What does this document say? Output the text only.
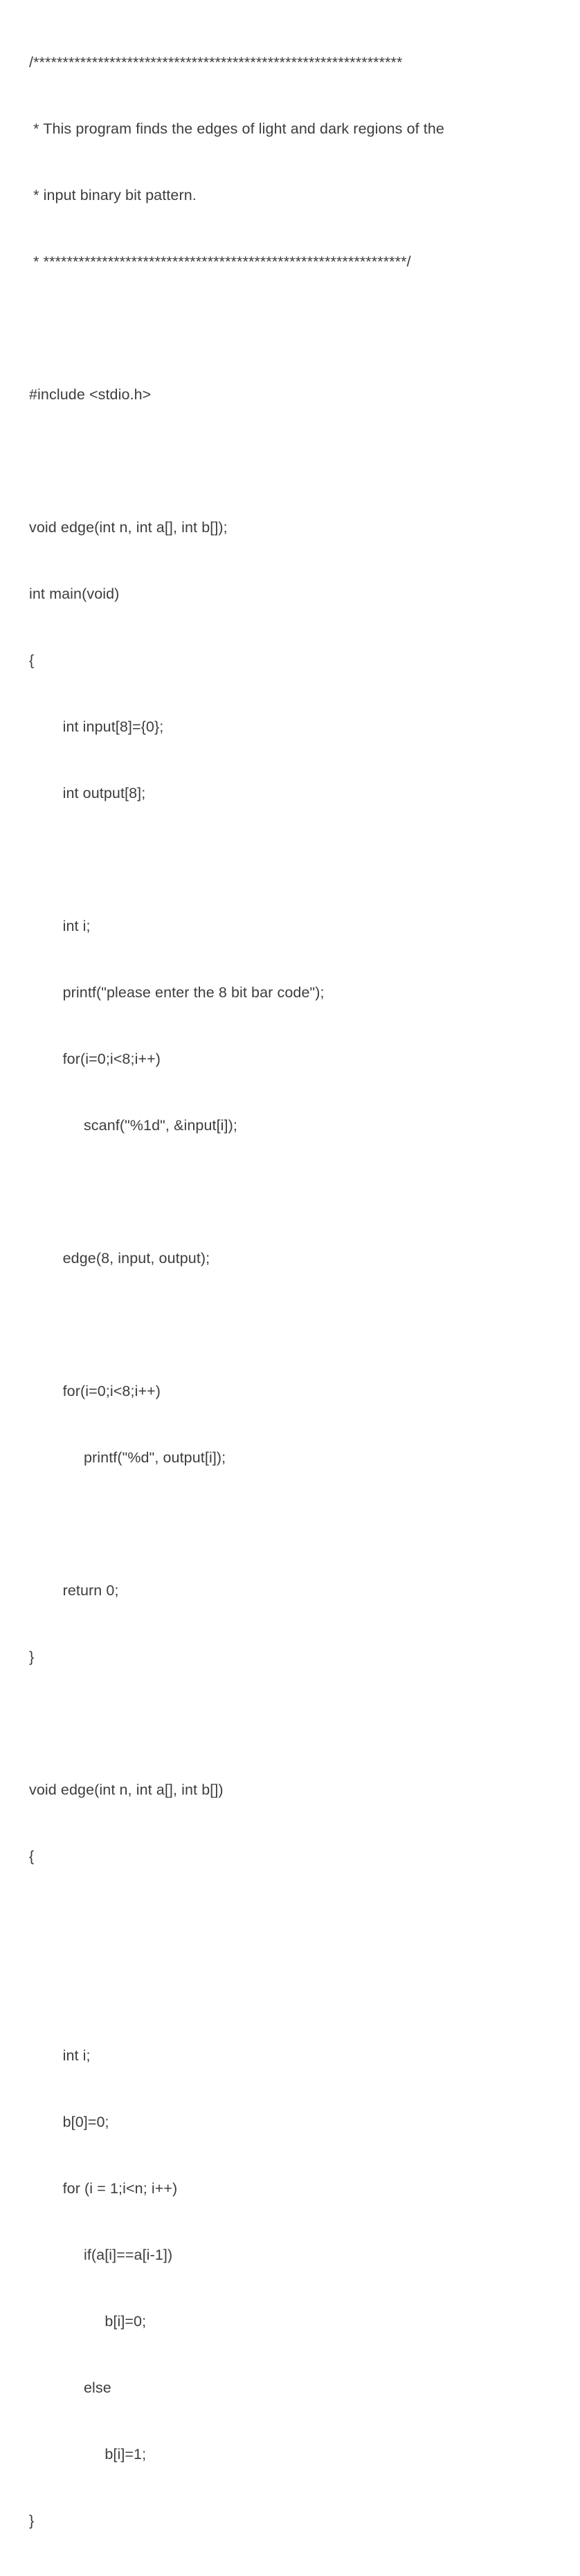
/***************************************************************

* This program finds the edges of light and dark regions of the

* input binary bit pattern.

* **************************************************************/

#include <stdio.h>

void edge(int n, int a[], int b[]);

int main(void)

{

int input[8]={0};

int output[8];

int i;

printf("please enter the 8 bit bar code");

for(i=0;i<8;i++)

scanf("%1d", &input[i]);

edge(8, input, output);

for(i=0;i<8;i++)

printf("%d", output[i]);

return 0;

}

void edge(int n, int a[], int b[])

{

int i;

b[0]=0;

for (i = 1;i<n; i++)

if(a[i]==a[i-1])

b[i]=0;

else

b[i]=1;

}
